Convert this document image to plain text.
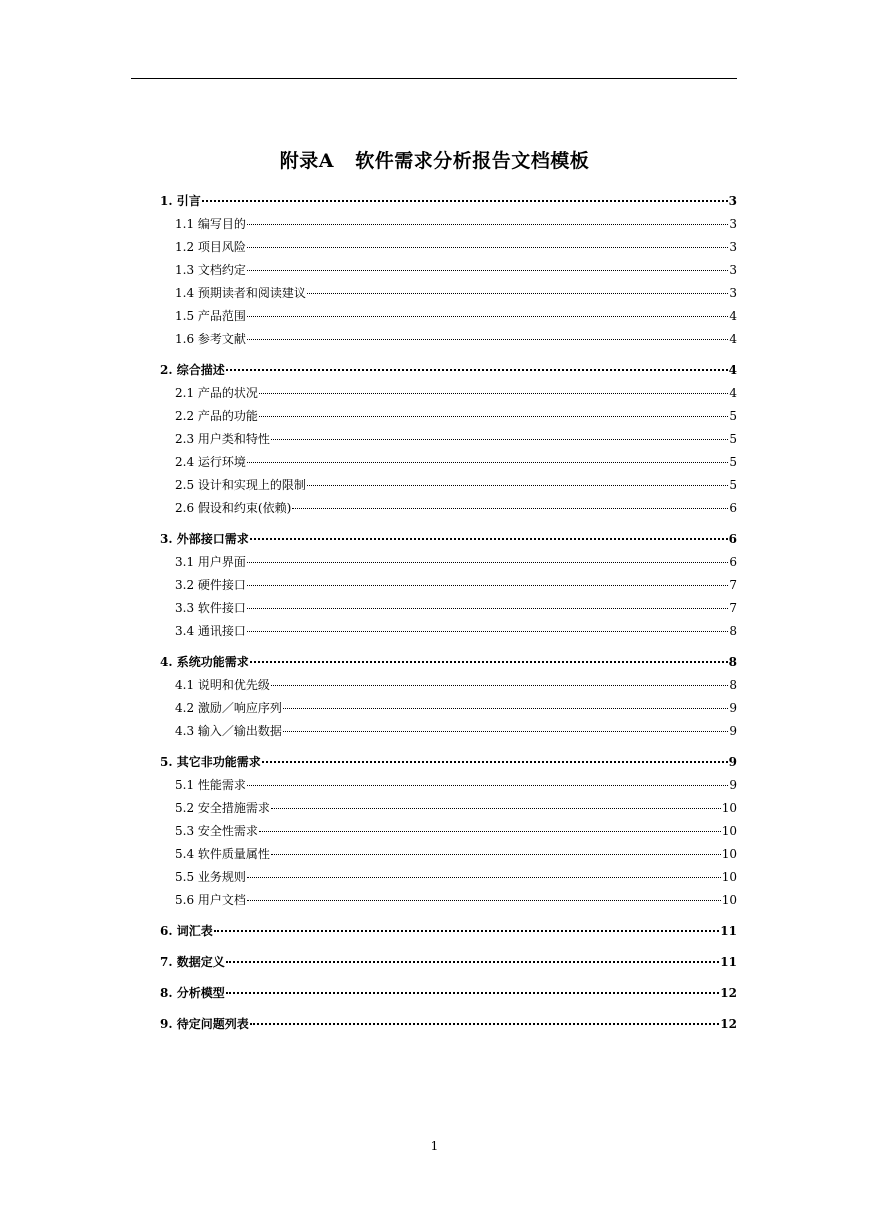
附录A   软件需求分析报告文档模板
1. 引言	3
1.1 编写目的	3
1.2 项目风险	3
1.3 文档约定	3
1.4 预期读者和阅读建议	3
1.5 产品范围	4
1.6 参考文献	4
2. 综合描述	4
2.1 产品的状况	4
2.2 产品的功能	5
2.3 用户类和特性	5
2.4 运行环境	5
2.5 设计和实现上的限制	5
2.6 假设和约束(依赖)	6
3. 外部接口需求	6
3.1 用户界面	6
3.2 硬件接口	7
3.3 软件接口	7
3.4 通讯接口	8
4. 系统功能需求	8
4.1 说明和优先级	8
4.2 激励／响应序列	9
4.3 输入／输出数据	9
5. 其它非功能需求	9
5.1 性能需求	9
5.2 安全措施需求	10
5.3 安全性需求	10
5.4 软件质量属性	10
5.5 业务规则	10
5.6 用户文档	10
6. 词汇表	11
7. 数据定义	11
8. 分析模型	12
9. 待定问题列表	12
1
